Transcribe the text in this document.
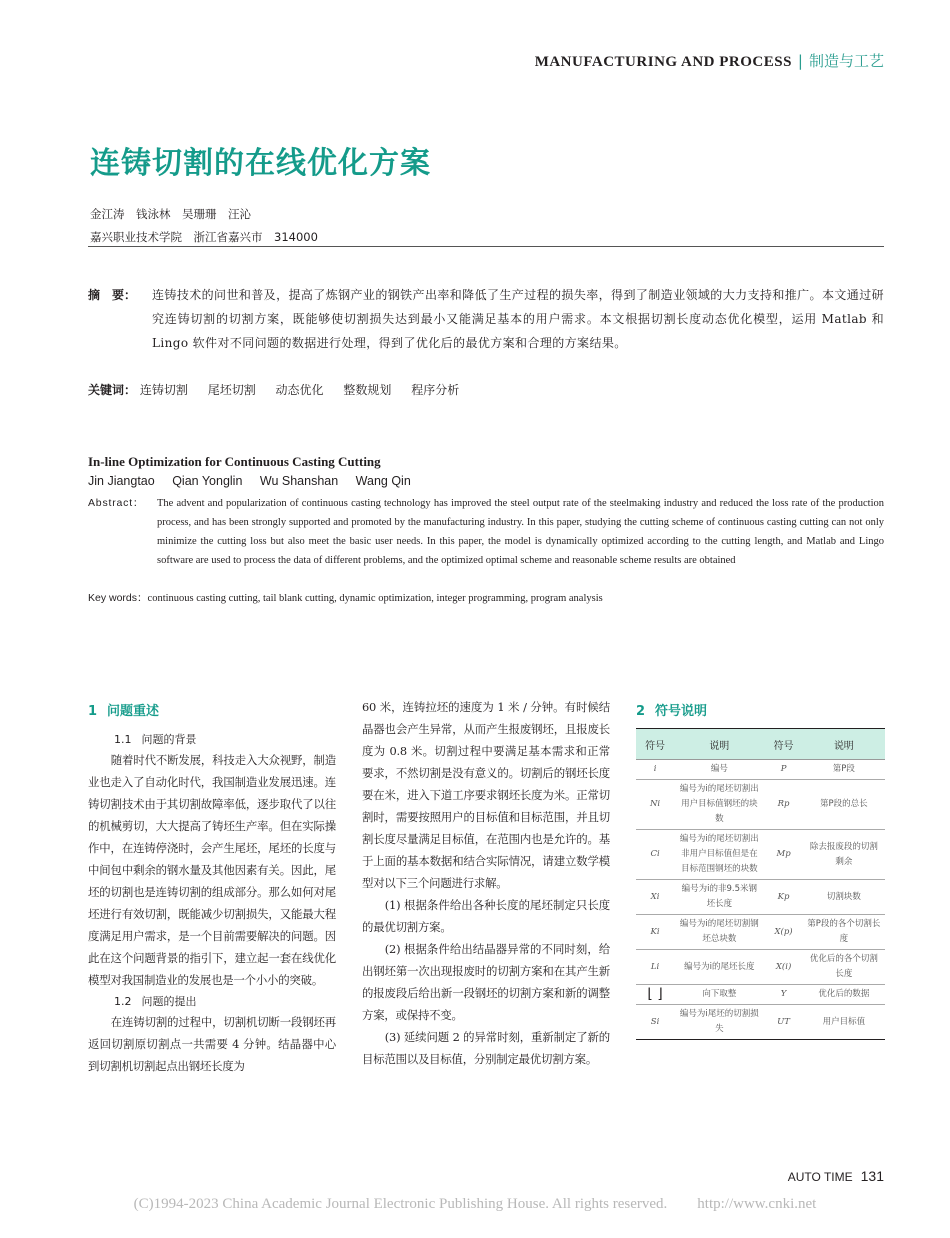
MANUFACTURING AND PROCESS | 制造与工艺
连铸切割的在线优化方案
金江涛　钱泳林　吴珊珊　汪沁
嘉兴职业技术学院　浙江省嘉兴市　314000
摘　要： 连铸技术的问世和普及，提高了炼钢产业的钢铁产出率和降低了生产过程的损失率，得到了制造业领域的大力支持和推广。本文通过研究连铸切割的切割方案，既能够使切割损失达到最小又能满足基本的用户需求。本文根据切割长度动态优化模型，运用 Matlab 和 Lingo 软件对不同问题的数据进行处理，得到了优化后的最优方案和合理的方案结果。
关键词： 连铸切割 尾坯切割 动态优化 整数规划 程序分析
In-line Optimization for Continuous Casting Cutting
Jin Jiangtao Qian Yonglin Wu Shanshan Wang Qin
Abstract： The advent and popularization of continuous casting technology has improved the steel output rate of the steelmaking industry and reduced the loss rate of the production process, and has been strongly supported and promoted by the manufacturing industry. In this paper, studying the cutting scheme of continuous casting cutting can not only minimize the cutting loss but also meet the basic user needs. In this paper, the model is dynamically optimized according to the cutting length, and Matlab and Lingo software are used to process the data of different problems, and the optimized optimal scheme and reasonable scheme results are obtained
Key words：continuous casting cutting, tail blank cutting, dynamic optimization, integer programming, program analysis
1 问题重述
1.1 问题的背景

随着时代不断发展，科技走入大众视野，制造业也走入了自动化时代，我国制造业发展迅速。连铸切割技术由于其切割故障率低，逐步取代了以往的机械剪切，大大提高了铸坯生产率。但在实际操作中，在连铸停浇时，会产生尾坯，尾坯的长度与中间包中剩余的钢水量及其他因素有关。因此，尾坯的切割也是连铸切割的组成部分。那么如何对尾坯进行有效切割，既能减少切割损失，又能最大程度满足用户需求，是一个目前需要解决的问题。因此在这个问题背景的指引下，建立起一套在线优化模型对我国制造业的发展也是一个小小的突破。

1.2 问题的提出

在连铸切割的过程中，切割机切断一段钢坯再返回切割原切割点一共需要 4 分钟。结晶器中心到切割机切割起点出钢坯长度为

60 米，连铸拉坯的速度为 1 米 / 分钟。有时候结晶器也会产生异常，从而产生报废钢坯，且报废长度为 0.8 米。切割过程中要满足基本需求和正常要求，不然切割是没有意义的。切割后的钢坯长度要在米，进入下道工序要求钢坯长度为米。正常切割时，需要按照用户的目标值和目标范围，并且切割长度尽量满足目标值，在范围内也是允许的。基于上面的基本数据和结合实际情况，请建立数学模型对以下三个问题进行求解。

(1) 根据条件给出各种长度的尾坯制定只长度的最优切割方案。

(2) 根据条件给出结晶器异常的不同时刻，给出钢坯第一次出现报废时的切割方案和在其产生新的报废段后给出新一段钢坯的切割方案和新的调整方案，或保持不变。

(3) 延续问题 2 的异常时刻，重新制定了新的目标范围以及目标值，分别制定最优切割方案。

2 符号说明
符号	说明	符号	说明
i	编号	P	第P段
Ni	编号为i的尾坯切割出用户目标值钢坯的块数	Rp	第P段的总长
Ci	编号为i的尾坯切割出非用户目标值但是在目标范围钢坯的块数	Mp	除去报废段的切割剩余
Xi	编号为i的非9.5米钢坯长度	Kp	切割块数
Ki	编号为i的尾坯切割钢坯总块数	X(p)	第P段的各个切割长度
Li	编号为i的尾坯长度	X(i)	优化后的各个切割长度
⌊ ⌋	向下取整	Y	优化后的数据
Si	编号为i尾坯的切割损失	UT	用户目标值
AUTO TIME 131
(C)1994-2023 China Academic Journal Electronic Publishing House. All rights reserved.　　http://www.cnki.net
